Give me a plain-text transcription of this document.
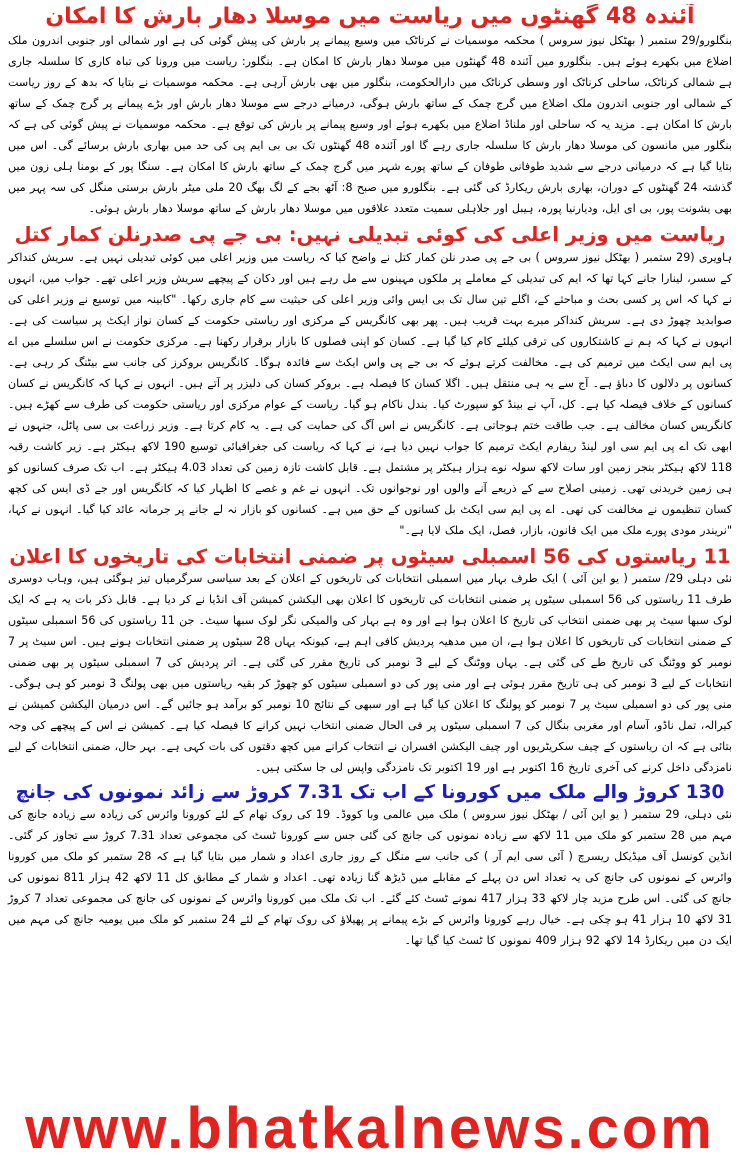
آئندہ 48 گھنٹوں میں ریاست میں موسلا دھار بارش کا امکان

بنگلورو/29 ستمبر ( بھٹکل نیوز سروس ) محکمہ موسمیات نے کرناٹک میں وسیع پیمانے پر بارش کی پیش گوئی کی ہے اور شمالی اور جنوبی اندرون ملک اضلاع میں بکھرے ہوئے ہیں۔ بنگلورو میں آئندہ 48 گھنٹوں میں موسلا دھار بارش کا امکان ہے۔ بنگلور: ریاست میں ورونا کی تباہ کاری کا سلسلہ جاری ہے شمالی کرناٹک، ساحلی کرناٹک اور وسطی کرناٹک میں دارالحکومت، بنگلور میں بھی بارش آرہی ہے۔ محکمہ موسمیات نے بتایا کہ بدھ کے روز ریاست کے شمالی اور جنوبی اندرون ملک اضلاع میں گرج چمک کے ساتھ بارش ہوگی، درمیانے درجے سے موسلا دھار بارش اور بڑے پیمانے پر گرج چمک کے ساتھ بارش کا امکان ہے۔ مزید یہ کہ ساحلی اور ملناڈ اضلاع میں بکھرے ہوئے اور وسیع پیمانے پر بارش کی توقع ہے۔ محکمہ موسمیات نے پیش گوئی کی ہے کہ بنگلور میں مانسون کی موسلا دھار بارش کا سلسلہ جاری رہے گا اور آئندہ 48 گھنٹوں تک بی بی ایم پی کی حد میں بھاری بارش برسائے گی۔ اس میں بتایا گیا ہے کہ درمیانی درجے سے شدید طوفانی طوفان کے ساتھ پورے شہر میں گرج چمک کے ساتھ بارش کا امکان ہے۔ سنگا پور کے بومنا ہلی زون میں گذشتہ 24 گھنٹوں کے دوران، بھاری بارش ریکارڈ کی گئی ہے۔ بنگلورو میں صبح 8: آٹھ بجے کے لگ بھگ 20 ملی میٹر بارش برستی منگل کی سہ پہر میں بھی یشونت پور، بی ای ایل، ودیارنیا پورہ، ہیبل اور جلاہلی سمیت متعدد علاقوں میں موسلا دھار بارش کے ساتھ موسلا دھار بارش ہوئی۔

ریاست میں وزیر اعلی کی کوئی تبدیلی نہیں: بی جے پی صدرنلن کمار کتل

ہاویری (29 ستمبر ( بھٹکل نیوز سروس ) بی جے پی صدر نلن کمار کتل نے واضح کیا کہ ریاست میں وزیر اعلی میں کوئی تبدیلی نہیں ہے۔ سریش کنداکر کے سسر، لینارا جانے کہا تھا کہ ایم کی تبدیلی کے معاملے پر ملکوں مہینوں سے مل رہے ہیں اور دکان کے پیچھے سریش وزیر اعلی تھے۔ جواب میں، انہوں نے کہا کہ اس پر کسی بحث و مباحثے کے، اگلے تین سال تک بی ایس وائی وزیر اعلی کی حیثیت سے کام جاری رکھا۔ "کابینہ میں توسیع نے وزیر اعلی کی صوابدید چھوڑ دی ہے۔ سریش کنداکر میرے بہت قریب ہیں۔ پھر بھی کانگریس کے مرکزی اور ریاستی حکومت کے کسان نواز ایکٹ پر سیاست کی ہے۔ انہوں نے کہا کہ ہم نے کاشتکاروں کی ترقی کیلئے کام کیا گیا ہے۔ کسان کو اپنی فصلوں کا بازار برقرار رکھنا ہے۔ مرکزی حکومت نے اس سلسلے میں اے پی ایم سی ایکٹ میں ترمیم کی ہے۔ مخالفت کرتے ہوئے کہ بی جے پی واس ایکٹ سے فائدہ ہوگا۔ کانگریس بروکرز کی جانب سے بیٹنگ کر رہی ہے۔ کسانوں پر دلالوں کا دباؤ ہے۔ آج سے یہ ہی منتقل ہیں۔ اگلا کسان کا فیصلہ ہے۔ بروکر کسان کی دلیزر پر آتے ہیں۔ انہوں نے کہا کہ کانگریس نے کسان کسانوں کے خلاف فیصلہ کیا ہے۔ کل، آپ نے بینڈ کو سپورٹ کیا۔ بندل ناکام ہو گیا۔ ریاست کے عوام مرکزی اور ریاستی حکومت کی طرف سے کھڑے ہیں۔ کانگریس کسان مخالف ہے۔ جب طاقت ختم ہوجاتی ہے۔ کانگریس نے اس آگ کی حمایت کی ہے۔ یہ کام کرتا ہے۔ وزیر زراعت بی سی پاٹل، جنہوں نے ابھی تک اے پی ایم سی اور لینڈ ریفارم ایکٹ ترمیم کا جواب نہیں دیا ہے، نے کہا کہ ریاست کی جغرافیائی توسیع 190 لاکھ ہیکٹر ہے۔ زیر کاشت رقبہ 118 لاکھ ہیکٹر بنجر زمین اور سات لاکھ سولہ نوے ہزار ہیکٹر پر مشتمل ہے۔ قابل کاشت تازہ زمین کی تعداد 4.03 ہیکٹر ہے۔ اب تک صرف کسانوں کو ہی زمین خریدنی تھی۔ زمینی اصلاح سے کے ذریعے آنے والوں اور نوجوانوں تک۔ انہوں نے غم و غصے کا اظہار کیا کہ کانگریس اور جے ڈی ایس کی کچھ کسان تنظیموں نے مخالفت کی تھی۔ اے پی ایم سی ایکٹ بل کسانوں کے حق میں ہے۔ کسانوں کو بازار نہ لے جانے پر جرمانہ عائد کیا گیا۔ انہوں نے کہا، "نریندر مودی پورے ملک میں ایک قانون، بازار، فصل، ایک ملک لایا ہے۔"

11 ریاستوں کی 56 اسمبلی سیٹوں پر ضمنی انتخابات کی تاریخوں کا اعلان

نئی دہلی 29/ ستمبر ( یو این آئی ) ایک طرف بہار میں اسمبلی انتخابات کی تاریخوں کے اعلان کے بعد سیاسی سرگرمیاں تیز ہوگئی ہیں، وہاب دوسری طرف 11 ریاستوں کی 56 اسمبلی سیٹوں پر ضمنی انتخابات کی تاریخوں کا اعلان بھی الیکشن کمیشن آف انڈیا نے کر دیا ہے۔ قابل ذکر بات یہ ہے کہ ایک لوک سبھا سیٹ پر بھی ضمنی انتخاب کی تاریخ کا اعلان ہوا ہے اور وہ ہے بہار کی والمیکی نگر لوک سبھا سیٹ۔ جن 11 ریاستوں کی 56 اسمبلی سیٹوں کے ضمنی انتخابات کی تاریخوں کا اعلان ہوا ہے، ان میں مدھیہ پردیش کافی اہم ہے، کیونکہ یہاں 28 سیٹوں پر ضمنی انتخابات ہونے ہیں۔ اس سیٹ پر 7 نومبر کو ووٹنگ کی تاریخ طے کی گئی ہے۔ یہاں ووٹنگ کے لیے 3 نومبر کی تاریخ مقرر کی گئی ہے۔ اتر پردیش کی 7 اسمبلی سیٹوں پر بھی ضمنی انتخابات کے لیے 3 نومبر کی ہی تاریخ مقرر ہوئی ہے اور منی پور کی دو اسمبلی سیٹوں کو چھوڑ کر بقیہ ریاستوں میں بھی پولنگ 3 نومبر کو ہی ہوگی۔ منی پور کی دو اسمبلی سیٹ پر 7 نومبر کو پولنگ کا اعلان کیا گیا ہے اور سبھی کے نتائج 10 نومبر کو برآمد ہو جائیں گے۔ اس درمیان الیکشن کمیشن نے کیرالہ، تمل ناڈو، آسام اور مغربی بنگال کی 7 اسمبلی سیٹوں پر فی الحال ضمنی انتخاب نہیں کرانے کا فیصلہ کیا ہے۔ کمیشن نے اس کے پیچھے کی وجہ بتائی ہے کہ ان ریاستوں کے چیف سکریٹریوں اور چیف الیکشن افسران نے انتخاب کرانے میں کچھ دقتوں کی بات کہی ہے۔ بہر حال، ضمنی انتخابات کے لیے نامزدگی داخل کرنے کی آخری تاریخ 16 اکتوبر ہے اور 19 اکتوبر تک نامزدگی واپس لی جا سکتی ہیں۔

130 کروڑ والے ملک میں کورونا کے اب تک 7.31 کروڑ سے زائد نمونوں کی جانچ

نئی دہلی، 29 ستمبر ( یو این آئی / بھٹکل نیوز سروس ) ملک میں عالمی وبا کووڈ۔ 19 کی روک تھام کے لئے کورونا وائرس کی زیادہ سے زیادہ جانچ کی مہم میں 28 ستمبر کو ملک میں 11 لاکھ سے زیادہ نمونوں کی جانچ کی گئی جس سے کورونا ٹسٹ کی مجموعی تعداد 7.31 کروڑ سے تجاوز کر گئی۔ انڈین کونسل آف میڈیکل ریسرچ ( آئی سی ایم آر ) کی جانب سے منگل کے روز جاری اعداد و شمار میں بتایا گیا ہے کہ 28 ستمبر کو ملک میں کورونا وائرس کے نمونوں کی جانچ کی یہ تعداد اس دن پہلے کے مقابلے میں ڈیڑھ گنا زیادہ تھی۔ اعداد و شمار کے مطابق کل 11 لاکھ 42 ہزار 811 نمونوں کی جانچ کی گئی۔ اس طرح مزید چار لاکھ 33 ہزار 417 نمونے ٹسٹ کئے گئے۔ اب تک ملک میں کورونا وائرس کے نمونوں کی جانچ کی مجموعی تعداد 7 کروڑ 31 لاکھ 10 ہزار 41 ہو چکی ہے۔ خیال رہے کورونا وائرس کے بڑے پیمانے پر پھیلاؤ کی روک تھام کے لئے 24 ستمبر کو ملک میں یومیہ جانچ کی مہم میں ایک دن میں ریکارڈ 14 لاکھ 92 ہزار 409 نمونوں کا ٹسٹ کیا گیا تھا۔

www.bhatkalnews.com
